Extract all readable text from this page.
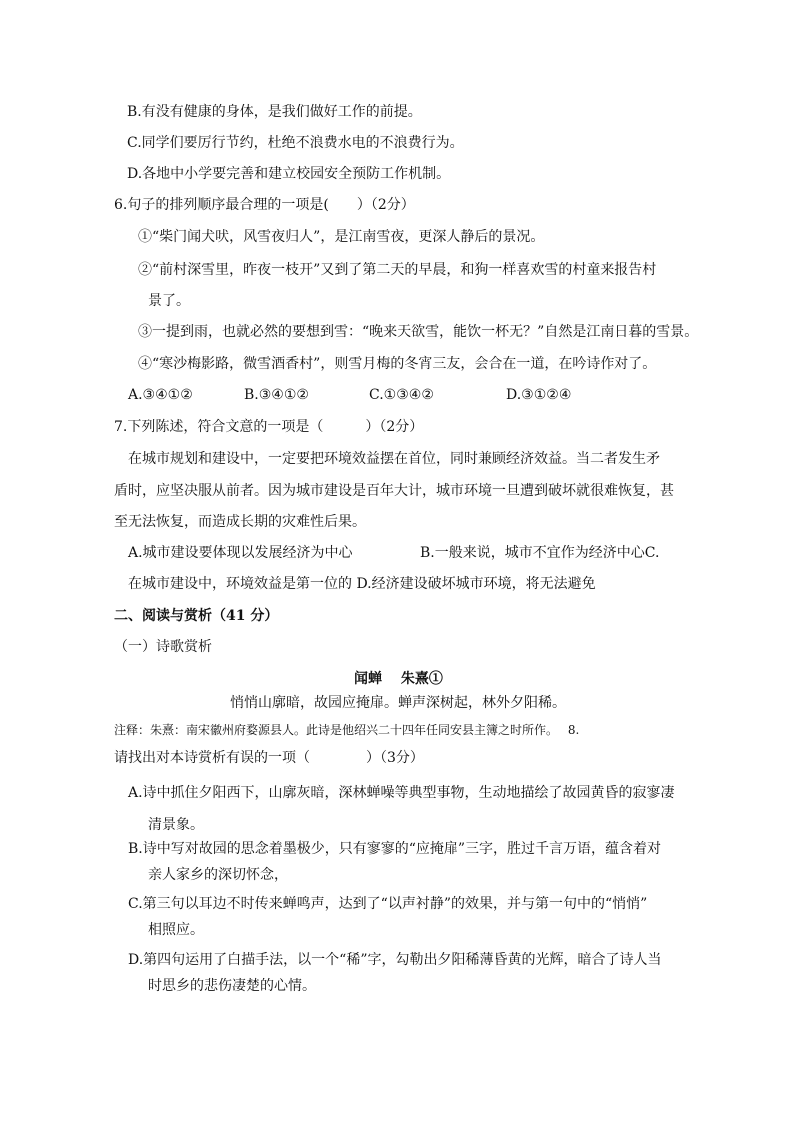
B.有没有健康的身体，是我们做好工作的前提。
C.同学们要厉行节约，杜绝不浪费水电的不浪费行为。
D.各地中小学要完善和建立校园安全预防工作机制。
6.句子的排列顺序最合理的一项是(　　）（2分）
①“柴门闻犬吠，风雪夜归人”，是江南雪夜，更深人静后的景况。
②“前村深雪里，昨夜一枝开”又到了第二天的早晨，和狗一样喜欢雪的村童来报告村
景了。
③一提到雨，也就必然的要想到雪：“晚来天欲雪，能饮一杯无？”自然是江南日暮的雪景。
④“寒沙梅影路，微雪酒香村”，则雪月梅的冬宵三友，会合在一道，在吟诗作对了。
A.③④①②	B.③④①②	C.①③④②	D.③①②④
7.下列陈述，符合文意的一项是（　　　）（2分）
在城市规划和建设中，一定要把环境效益摆在首位，同时兼顾经济效益。当二者发生矛
盾时，应坚决服从前者。因为城市建设是百年大计，城市环境一旦遭到破坏就很难恢复，甚
至无法恢复，而造成长期的灾难性后果。
A.城市建设要体现以发展经济为中心	B.一般来说，城市不宜作为经济中心C.
在城市建设中，环境效益是第一位的 D.经济建设破坏城市环境，将无法避免
二、阅读与赏析（41 分）
（一）诗歌赏析
闻蝉　 朱熹①
悄悄山廓暗，故园应掩扉。蝉声深树起，林外夕阳稀。
注释：朱熹：南宋徽州府婺源县人。此诗是他绍兴二十四年任同安县主簿之时所作。　 8.
请找出对本诗赏析有误的一项（　　　　）（3分）
A.诗中抓住夕阳西下，山廓灰暗，深林蝉噪等典型事物，生动地描绘了故园黄昏的寂寥凄
清景象。
B.诗中写对故园的思念着墨极少，只有寥寥的“应掩扉”三字，胜过千言万语，蕴含着对
亲人家乡的深切怀念，
C.第三句以耳边不时传来蝉鸣声，达到了“以声衬静”的效果，并与第一句中的“悄悄”
相照应。
D.第四句运用了白描手法，以一个“稀”字，勾勒出夕阳稀薄昏黄的光辉，暗合了诗人当
时思乡的悲伤凄楚的心情。
